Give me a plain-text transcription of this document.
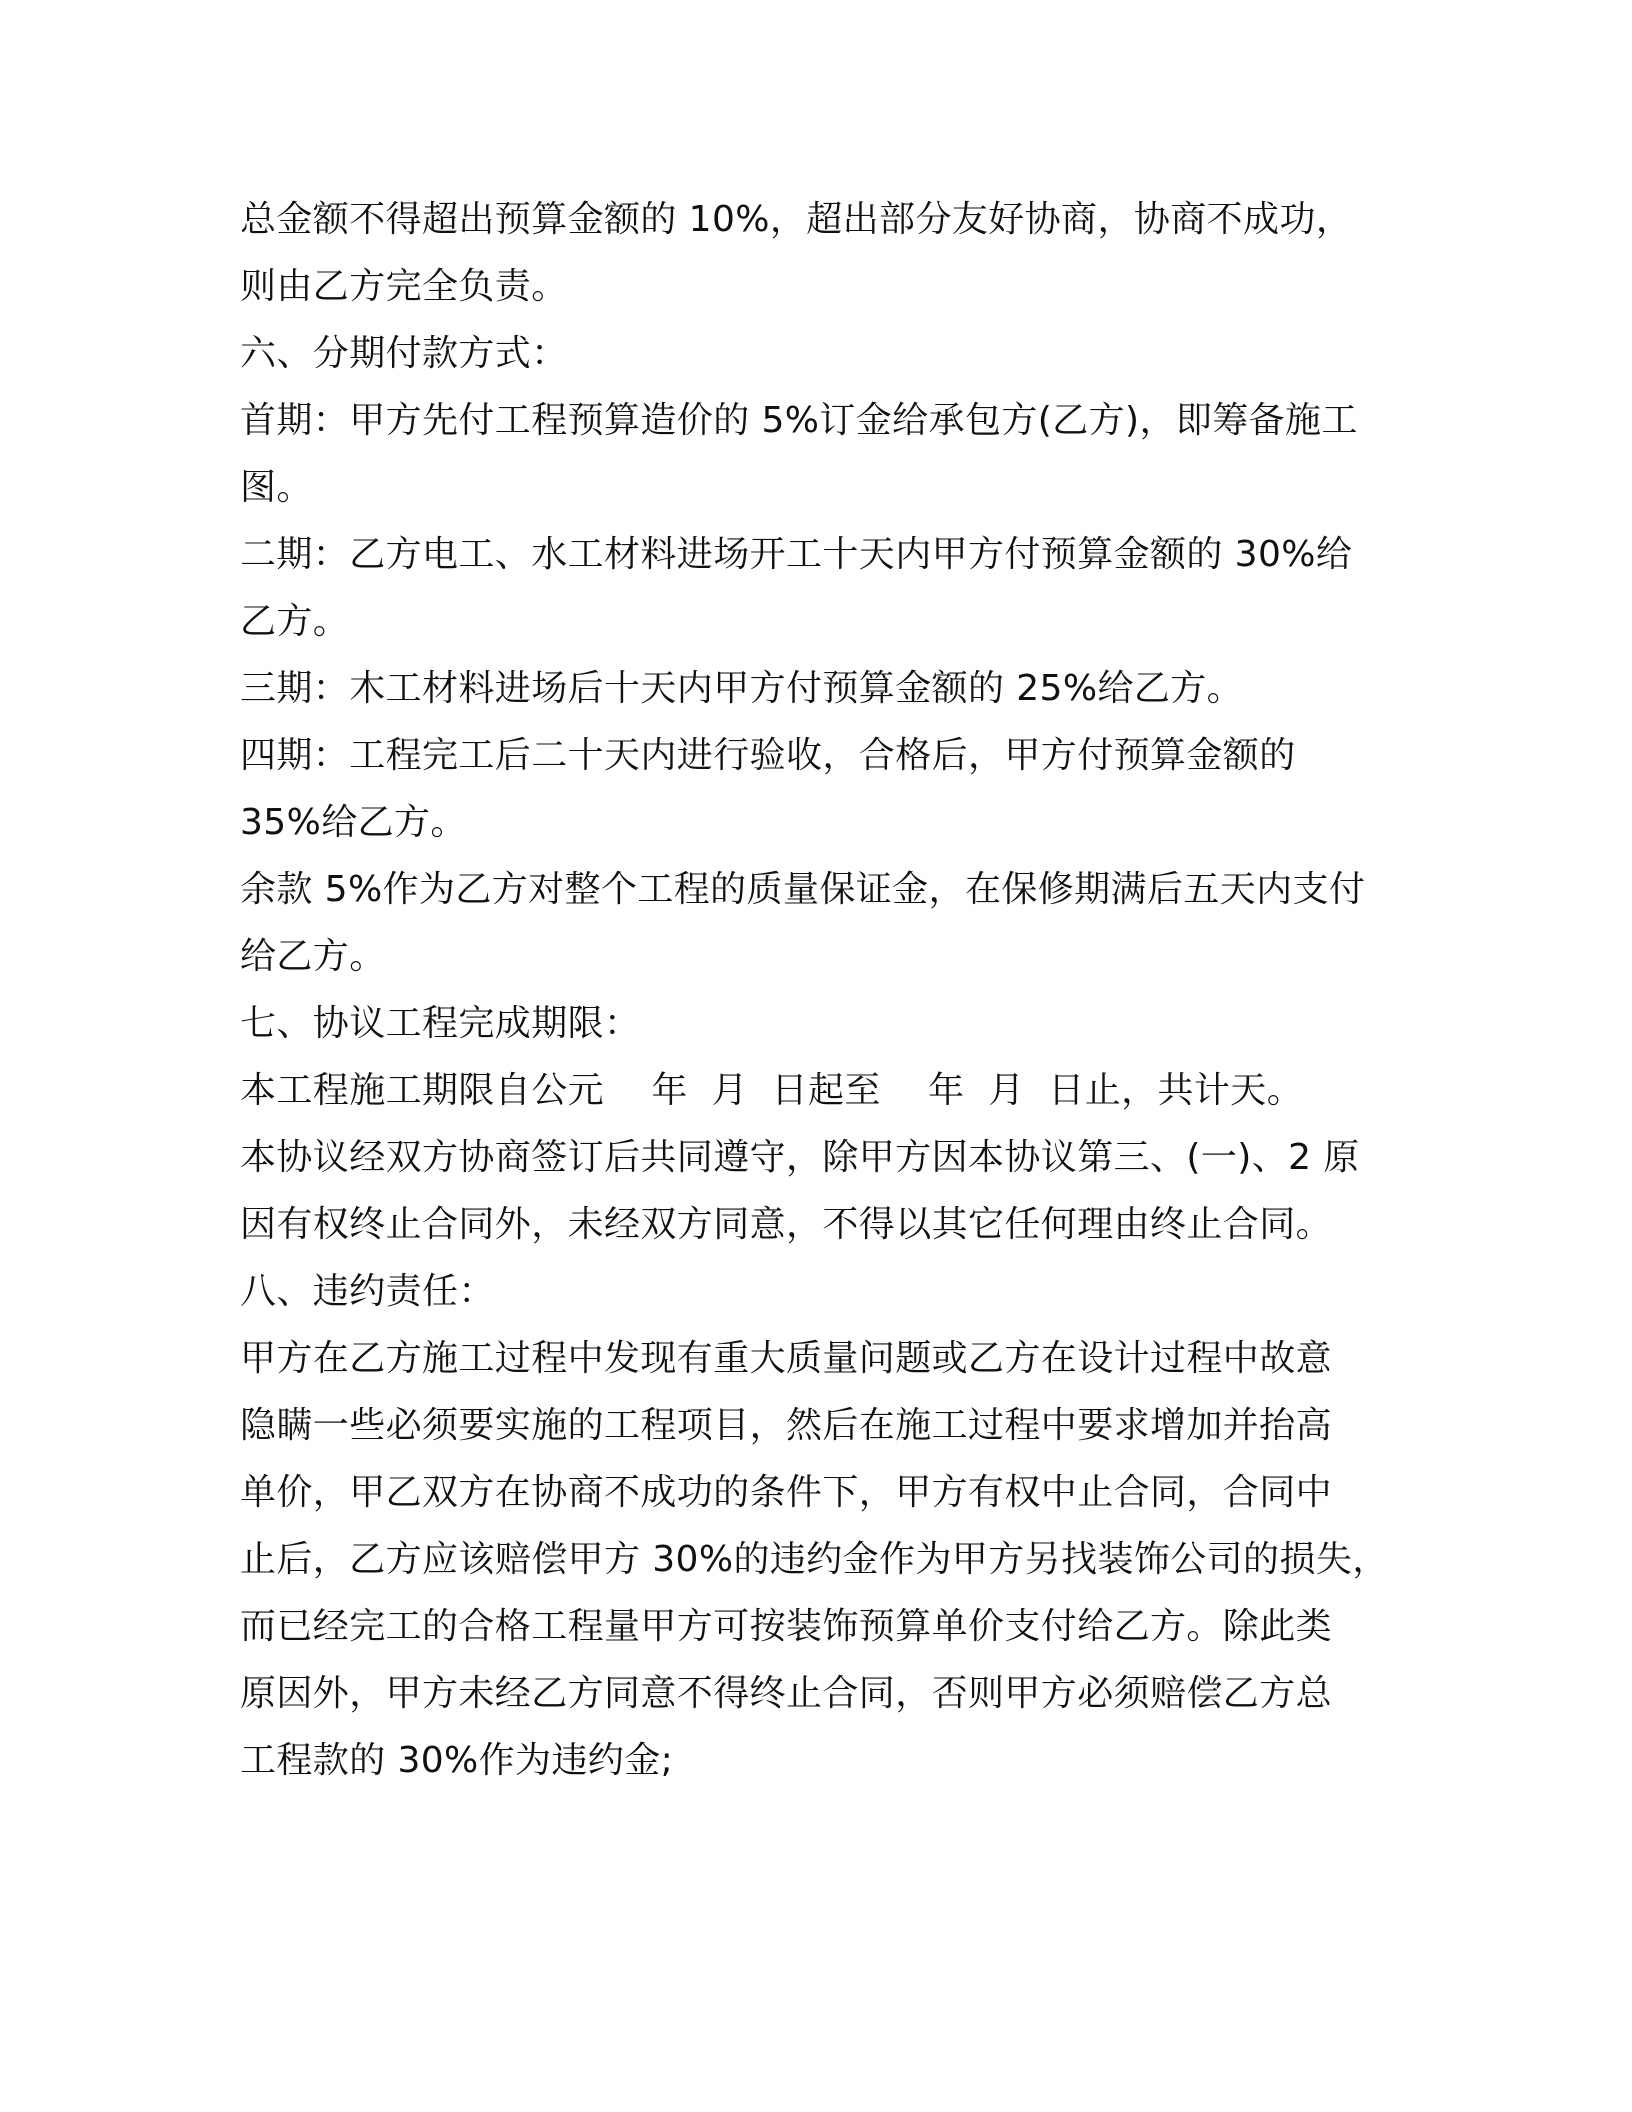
总金额不得超出预算金额的 10%，超出部分友好协商，协商不成功，
则由乙方完全负责。
六、分期付款方式：
首期：甲方先付工程预算造价的 5%订金给承包方(乙方)，即筹备施工
图。
二期：乙方电工、水工材料进场开工十天内甲方付预算金额的 30%给
乙方。
三期：木工材料进场后十天内甲方付预算金额的 25%给乙方。
四期：工程完工后二十天内进行验收，合格后，甲方付预算金额的
35%给乙方。
余款 5%作为乙方对整个工程的质量保证金，在保修期满后五天内支付
给乙方。
七、协议工程完成期限：
本工程施工期限自公元    年  月  日起至    年  月  日止，共计天。
本协议经双方协商签订后共同遵守，除甲方因本协议第三、(一)、2 原
因有权终止合同外，未经双方同意，不得以其它任何理由终止合同。
八、违约责任：
甲方在乙方施工过程中发现有重大质量问题或乙方在设计过程中故意
隐瞒一些必须要实施的工程项目，然后在施工过程中要求增加并抬高
单价，甲乙双方在协商不成功的条件下，甲方有权中止合同，合同中
止后，乙方应该赔偿甲方 30%的违约金作为甲方另找装饰公司的损失，
而已经完工的合格工程量甲方可按装饰预算单价支付给乙方。除此类
原因外，甲方未经乙方同意不得终止合同，否则甲方必须赔偿乙方总
工程款的 30%作为违约金;
